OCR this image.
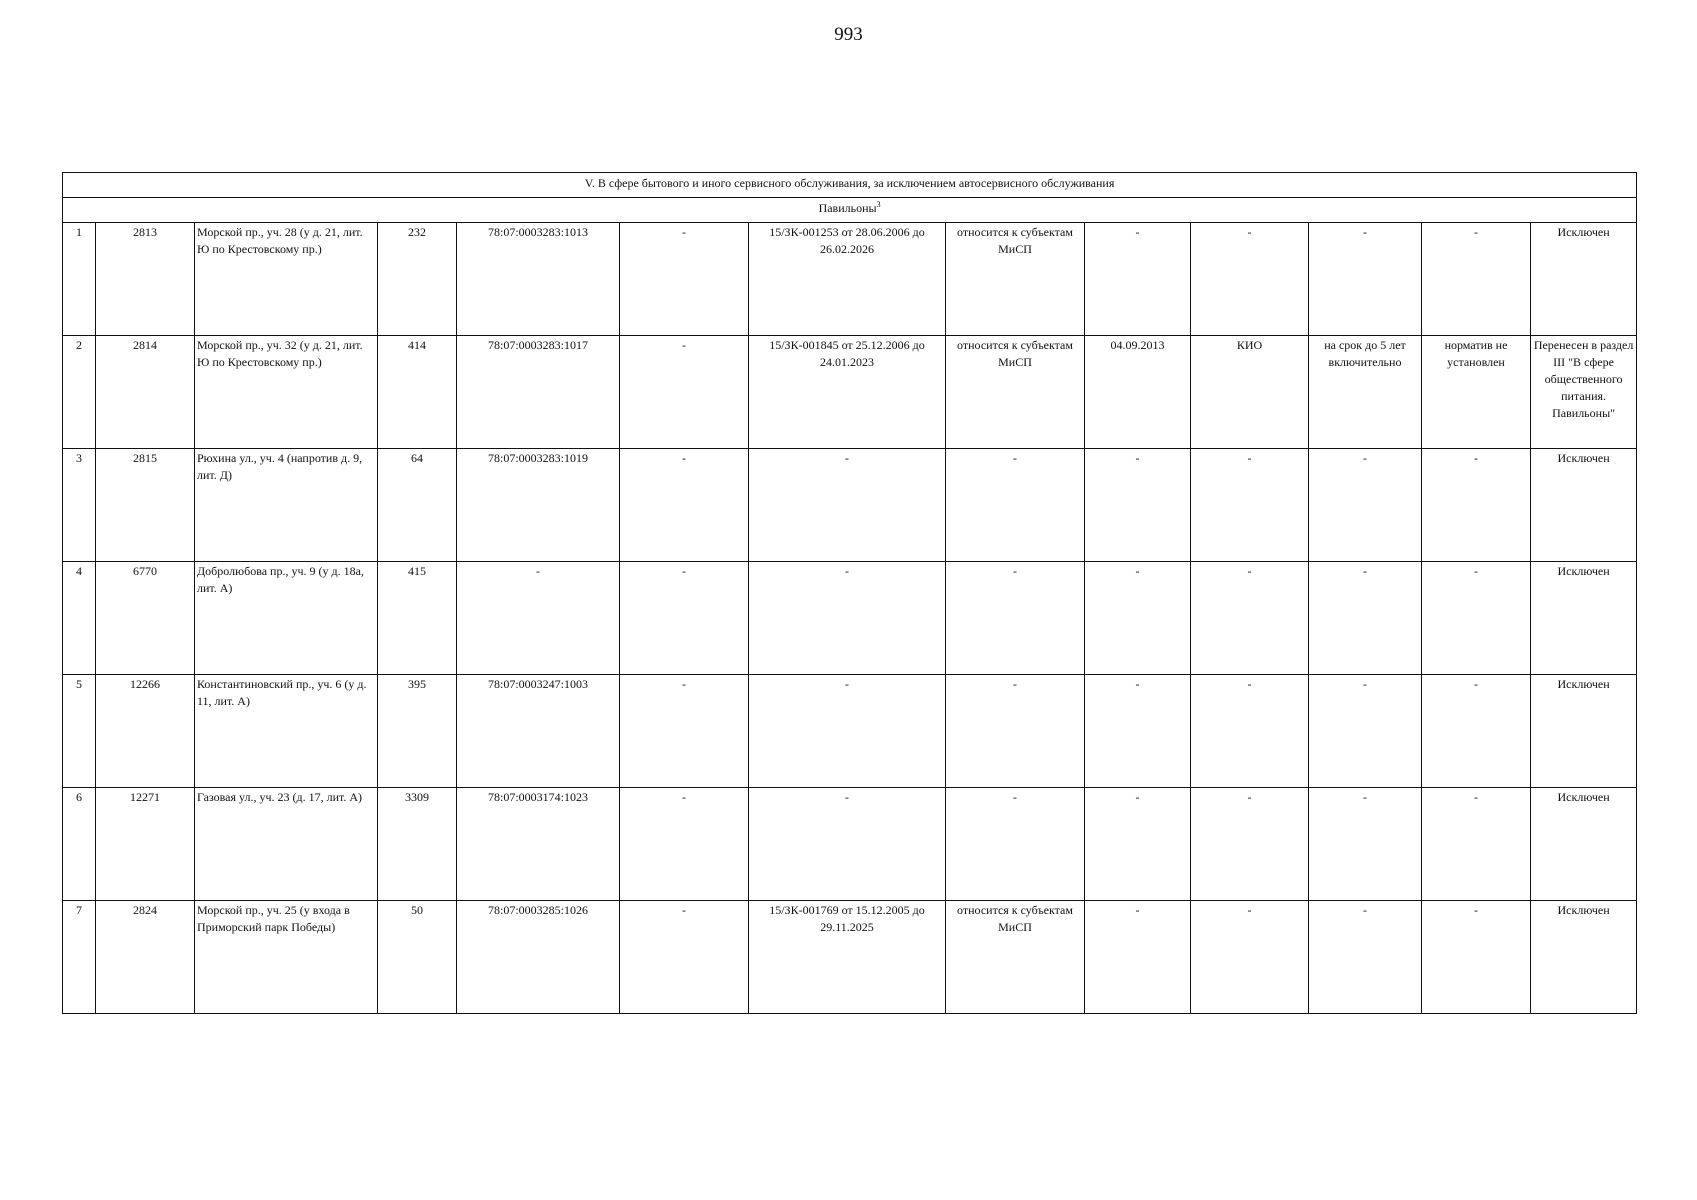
993
V. В сфере бытового и иного сервисного обслуживания, за исключением автосервисного обслуживания												
Павильоны$^3$
1	2813	Морской пр., уч. 28 (у д. 21, лит. Ю по Крестовскому пр.)	232	78:07:0003283:1013	-	15/ЗК-001253 от 28.06.2006 до 26.02.2026	относится к субъектам МиСП	-	-	-	-	Исключен
2	2814	Морской пр., уч. 32 (у д. 21, лит. Ю по Крестовскому пр.)	414	78:07:0003283:1017	-	15/ЗК-001845 от 25.12.2006 до 24.01.2023	относится к субъектам МиСП	04.09.2013	КИО	на срок до 5 лет включительно	норматив не установлен	Перенесен в раздел III "В сфере общественного питания. Павильоны"
3	2815	Рюхина ул., уч. 4 (напротив д. 9, лит. Д)	64	78:07:0003283:1019	-	-	-	-	-	-	-	Исключен
4	6770	Добролюбова пр., уч. 9 (у д. 18а, лит. А)	415	-	-	-	-	-	-	-	-	Исключен
5	12266	Константиновский пр., уч. 6 (у д. 11, лит. А)	395	78:07:0003247:1003	-	-	-	-	-	-	-	Исключен
6	12271	Газовая ул., уч. 23 (д. 17, лит. А)	3309	78:07:0003174:1023	-	-	-	-	-	-	-	Исключен
7	2824	Морской пр., уч. 25 (у входа в Приморский парк Победы)	50	78:07:0003285:1026	-	15/ЗК-001769 от 15.12.2005 до 29.11.2025	относится к субъектам МиСП	-	-	-	-	Исключен
